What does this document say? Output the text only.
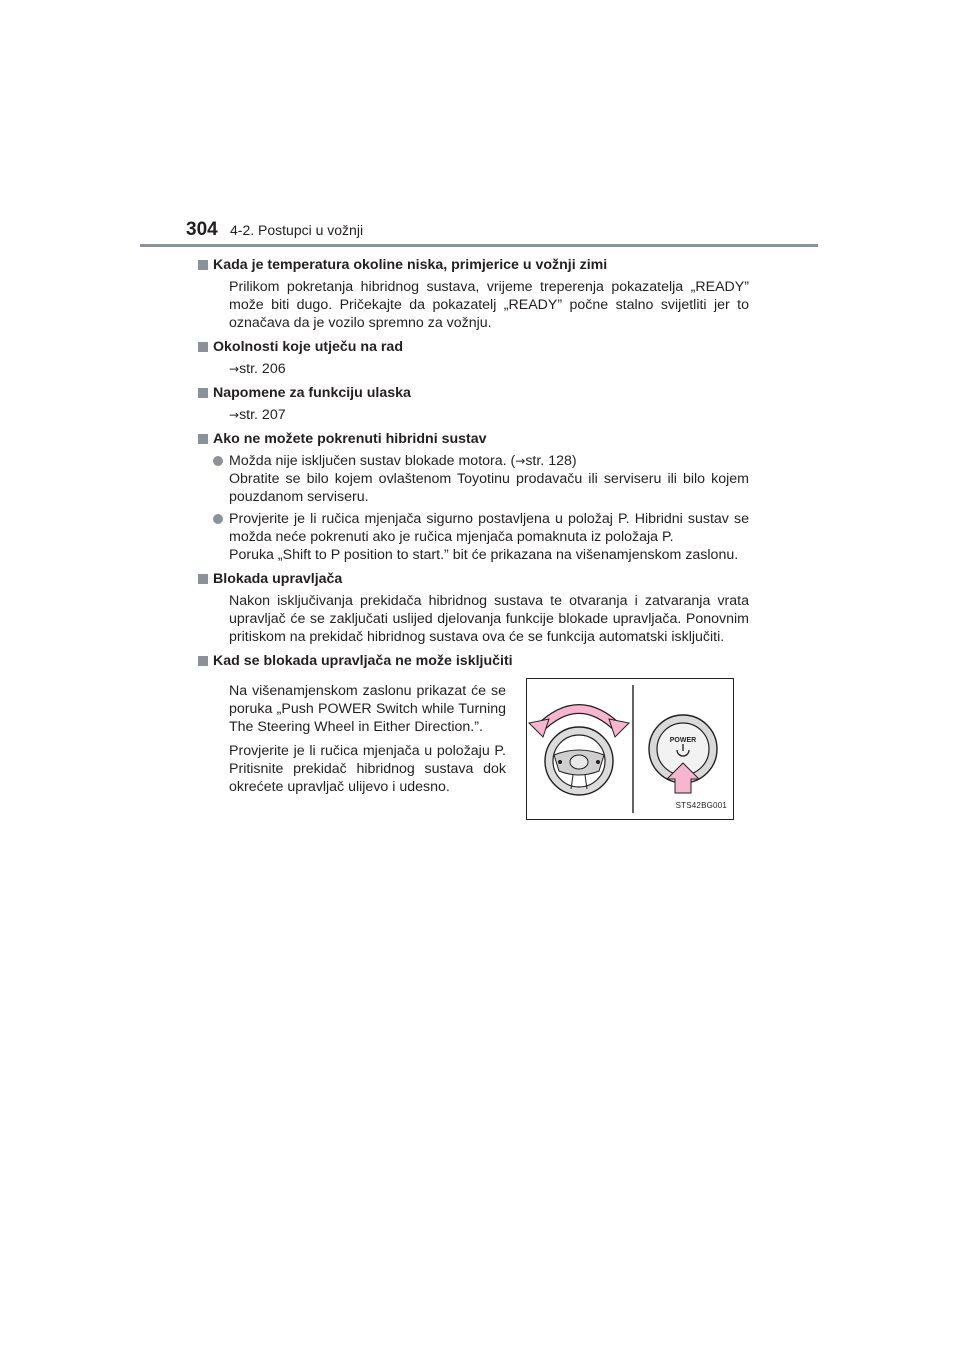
304 4-2. Postupci u vožnji
Kada je temperatura okoline niska, primjerice u vožnji zimi
Prilikom pokretanja hibridnog sustava, vrijeme treperenja pokazatelja „READY” može biti dugo. Pričekajte da pokazatelj „READY” počne stalno svijetliti jer to označava da je vozilo spremno za vožnju.
Okolnosti koje utječu na rad
→str. 206
Napomene za funkciju ulaska
→str. 207
Ako ne možete pokrenuti hibridni sustav
Možda nije isključen sustav blokade motora. (→str. 128)
Obratite se bilo kojem ovlaštenom Toyotinu prodavaču ili serviseru ili bilo kojem pouzdanom serviseru.
Provjerite je li ručica mjenjača sigurno postavljena u položaj P. Hibridni sustav se možda neće pokrenuti ako je ručica mjenjača pomaknuta iz položaja P.
Poruka „Shift to P position to start.” bit će prikazana na višenamjenskom zaslonu.
Blokada upravljača
Nakon isključivanja prekidača hibridnog sustava te otvaranja i zatvaranja vrata upravljač će se zaključati uslijed djelovanja funkcije blokade upravljača. Ponovnim pritiskom na prekidač hibridnog sustava ova će se funkcija automatski isključiti.
Kad se blokada upravljača ne može isključiti

Na višenamjenskom zaslonu prikazat će se poruka „Push POWER Switch while Turning The Steering Wheel in Either Direction.”.

Provjerite je li ručica mjenjača u položaju P. Pritisnite prekidač hibridnog sustava dok okrećete upravljač ulijevo i udesno.

POWER
STS42BG001
